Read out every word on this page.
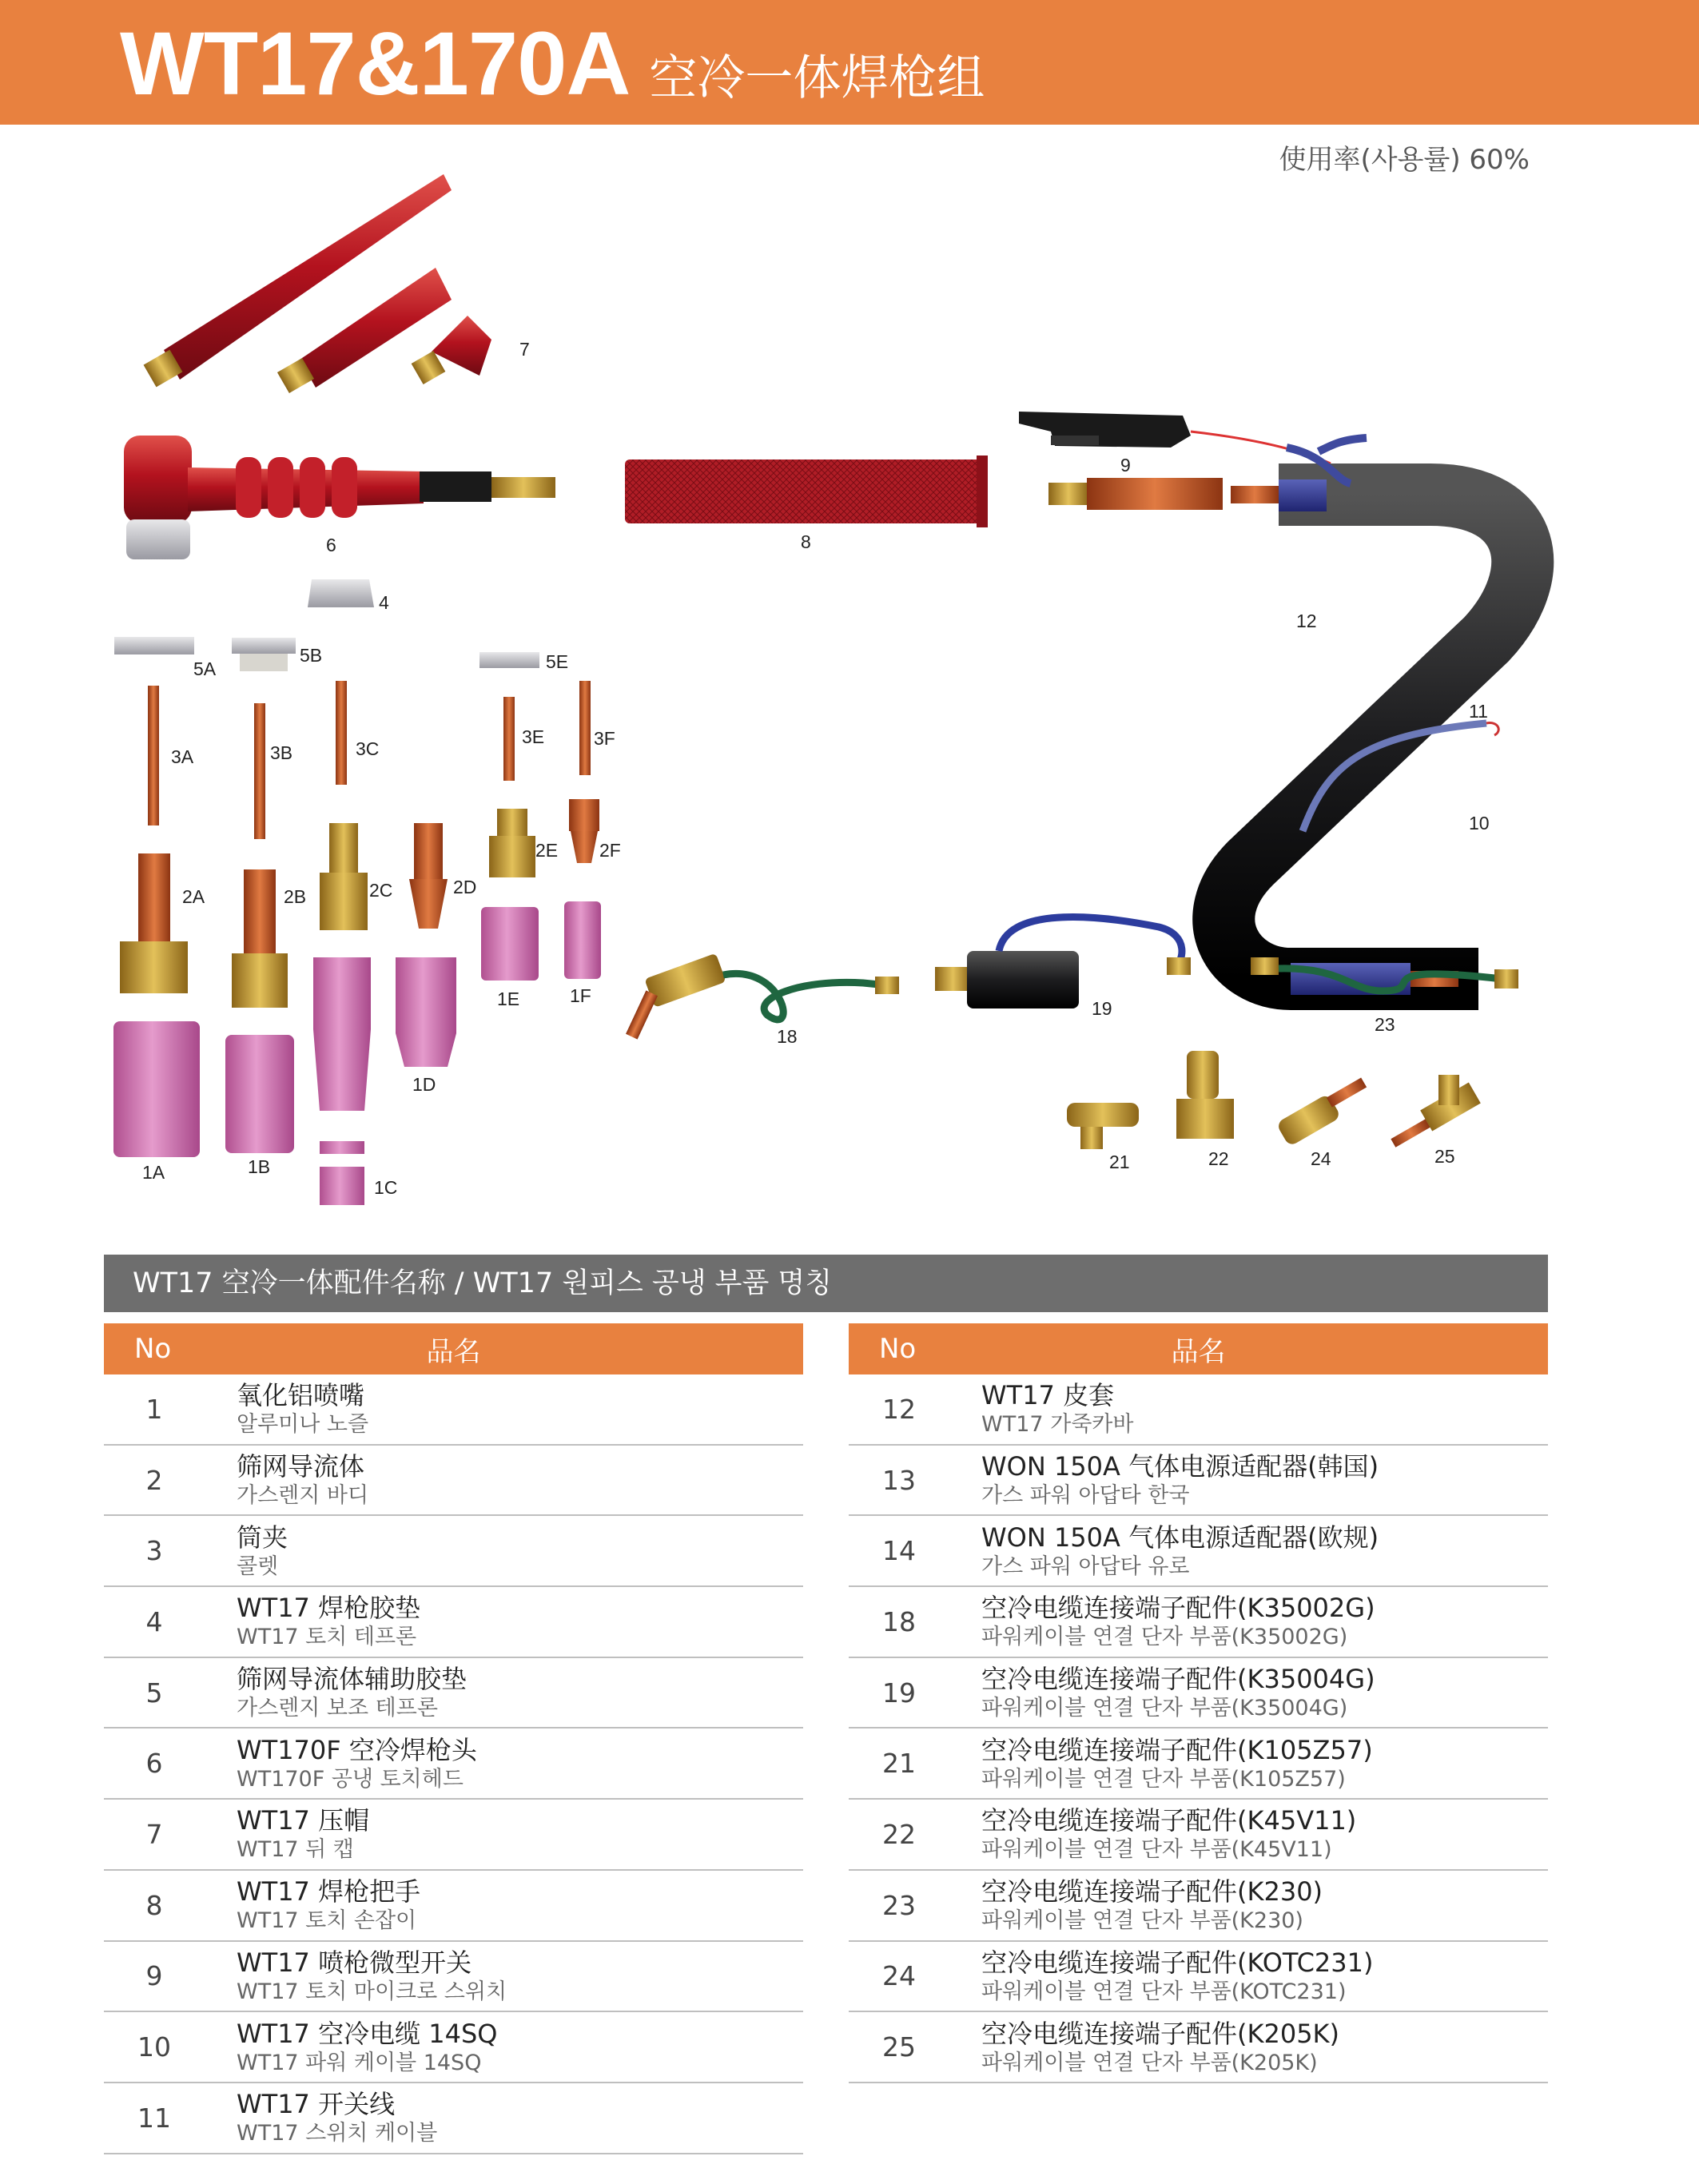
WT17&170A 空冷一体焊枪组
使用率(사용률) 60%
7
6	8
9
4
12
5A
5B	5E
3A	3B	3C
3E	3F
11
2A	2B	2C	2D
2E 2F
10
1E	1F
19
18
23
1D
1A	1B
1C
21	22	24	25
WT17 空冷一体配件名称 / WT17 원피스 공냉 부품 명칭
No	品名
1	氧化铝喷嘴
알루미나 노즐
2	筛网导流体
가스렌지 바디
3	筒夹
콜렛
4	WT17 焊枪胶垫
WT17 토치 테프론
5	筛网导流体辅助胶垫
가스렌지 보조 테프론
6	WT170F 空冷焊枪头
WT170F 공냉 토치헤드
7	WT17 压帽
WT17 뒤 캡
8	WT17 焊枪把手
WT17 토치 손잡이
9	WT17 喷枪微型开关
WT17 토치 마이크로 스위치
10	WT17 空冷电缆 14SQ
WT17 파워 케이블 14SQ
11	WT17 开关线
WT17 스위치 케이블
No	品名
12	WT17 皮套
WT17 가죽카바
13	WON 150A 气体电源适配器(韩国)
가스 파워 아답타 한국
14	WON 150A 气体电源适配器(欧规)
가스 파워 아답타 유로
18	空冷电缆连接端子配件(K35002G)
파워케이블 연결 단자 부품(K35002G)
19	空冷电缆连接端子配件(K35004G)
파워케이블 연결 단자 부품(K35004G)
21	空冷电缆连接端子配件(K105Z57)
파워케이블 연결 단자 부품(K105Z57)
22	空冷电缆连接端子配件(K45V11)
파워케이블 연결 단자 부품(K45V11)
23	空冷电缆连接端子配件(K230)
파워케이블 연결 단자 부품(K230)
24	空冷电缆连接端子配件(KOTC231)
파워케이블 연결 단자 부품(KOTC231)
25	空冷电缆连接端子配件(K205K)
파워케이블 연결 단자 부품(K205K)
